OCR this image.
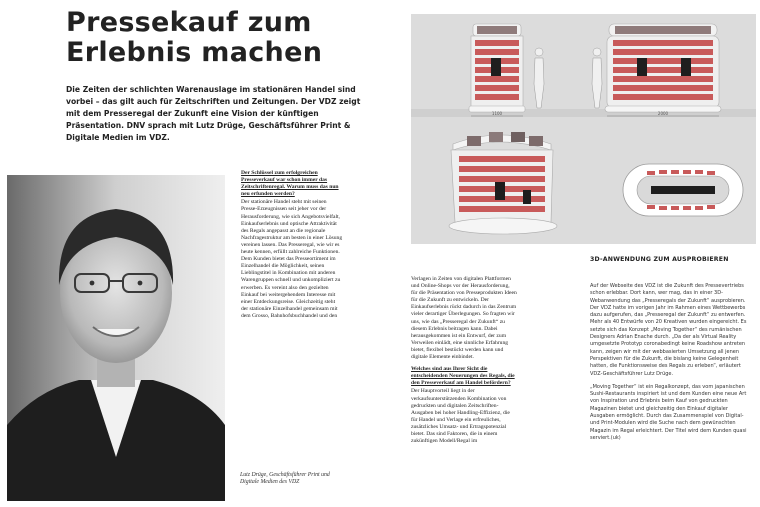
Pressekauf zum Erlebnis machen

Die Zeiten der schlichten Warenauslage im stationären Handel sind vorbei – das gilt auch für Zeitschriften und Zeitungen. Der VDZ zeigt mit dem Presseregal der Zukunft eine Vision der künftigen Präsentation. DNV sprach mit Lutz Drüge, Geschäftsführer Print & Digitale Medien im VDZ.

Lutz Drüge, Geschäftsführer Print und Digitale Medien des VDZ

Der Schlüssel zum erfolgreichen Presseverkauf war schon immer das Zeitschriftenregal. Warum muss das nun neu erfunden werden?
Der stationäre Handel steht mit seinen Presse-Erzeugnissen seit jeher vor der Herausforderung, wie sich Angebotsvielfalt, Einkaufserlebnis und optische Attraktivität des Regals angepasst an die regionale Nachfragestruktur am besten in einer Lösung vereinen lassen. Das Presseregal, wie wir es heute kennen, erfüllt zahlreiche Funktionen. Dem Kunden bietet das Presseortiment im Einzelhandel die Möglichkeit, seinen Lieblingstitel in Kombination mit anderen Warengruppen schnell und unkompliziert zu erwerben. Es vereint also den gezielten Einkauf bei weitergehendem Interesse mit einer Entdeckungsreise. Gleichzeitig steht der stationäre Einzelhandel gemeinsam mit dem Grosso, Bahnhofsbuchhandel und den

Verlagen in Zeiten von digitalen Plattformen und Online-Shops vor der Herausforderung, für die Präsentation von Presseprodukten Ideen für die Zukunft zu entwickeln. Der Einkaufserlebnis rückt dadurch in das Zentrum vieler derartiger Überlegungen. So fragten wir uns, wie das „Presseregal der Zukunft“ zu diesem Erlebnis beitragen kann. Dabei herausgekommen ist ein Entwurf, der zum Verweilen einlädt, eine sinnliche Erfahrung bietet, flexibel bestückt werden kann und digitale Elemente einbindet.

Welches sind aus Ihrer Sicht die entscheidenden Neuerungen des Regals, die den Presseverkauf am Handel befördern?
Der Hauptvorteil liegt in der verkaufsunterstützenden Kombination von gedruckten und digitalen Zeitschriften-Ausgaben bei hoher Handling-Effizienz, die für Handel und Verlage ein erfreuliches, zusätzliches Umsatz- und Ertragspotenzial bietet. Das sind Faktoren, die in einem zukünftigen Modell/Regal im
1100	2000
3D-ANWENDUNG ZUM AUSPROBIEREN

Auf der Webseite des VDZ ist die Zukunft des Pressevertriebs schon erlebbar. Dort kann, wer mag, das in einer 3D-Webanwendung das „Presseregals der Zukunft“ ausprobieren. Der VDZ hatte im vorigen Jahr im Rahmen eines Wettbewerbs dazu aufgerufen, das „Presseregal der Zukunft“ zu entwerfen. Mehr als 40 Entwürfe von 20 Kreativen wurden eingereicht. Es setzte sich das Konzept „Moving Together“ des rumänischen Designers Adrian Enache durch. „Da der als Virtual Reality umgesetzte Prototyp coronabedingt keine Roadshow antreten kann, zeigen wir mit der webbasierten Umsetzung all jenen Perspektiven für die Zukunft, die bislang keine Gelegenheit hatten, die Funktionsweise des Regals zu erleben“, erläutert VDZ-Geschäftsführer Lutz Drüge.

„Moving Together“ ist ein Regalkonzept, das vom japanischen Sushi-Restaurants inspiriert ist und dem Kunden eine neue Art von Inspiration und Erlebnis beim Kauf von gedruckten Magazinen bietet und gleichzeitig den Einkauf digitaler Ausgaben ermöglicht. Durch das Zusammenspiel von Digital- und Print-Modulen wird die Suche nach dem gewünschten Magazin im Regal erleichtert. Der Titel wird dem Kunden quasi serviert.(uk)
